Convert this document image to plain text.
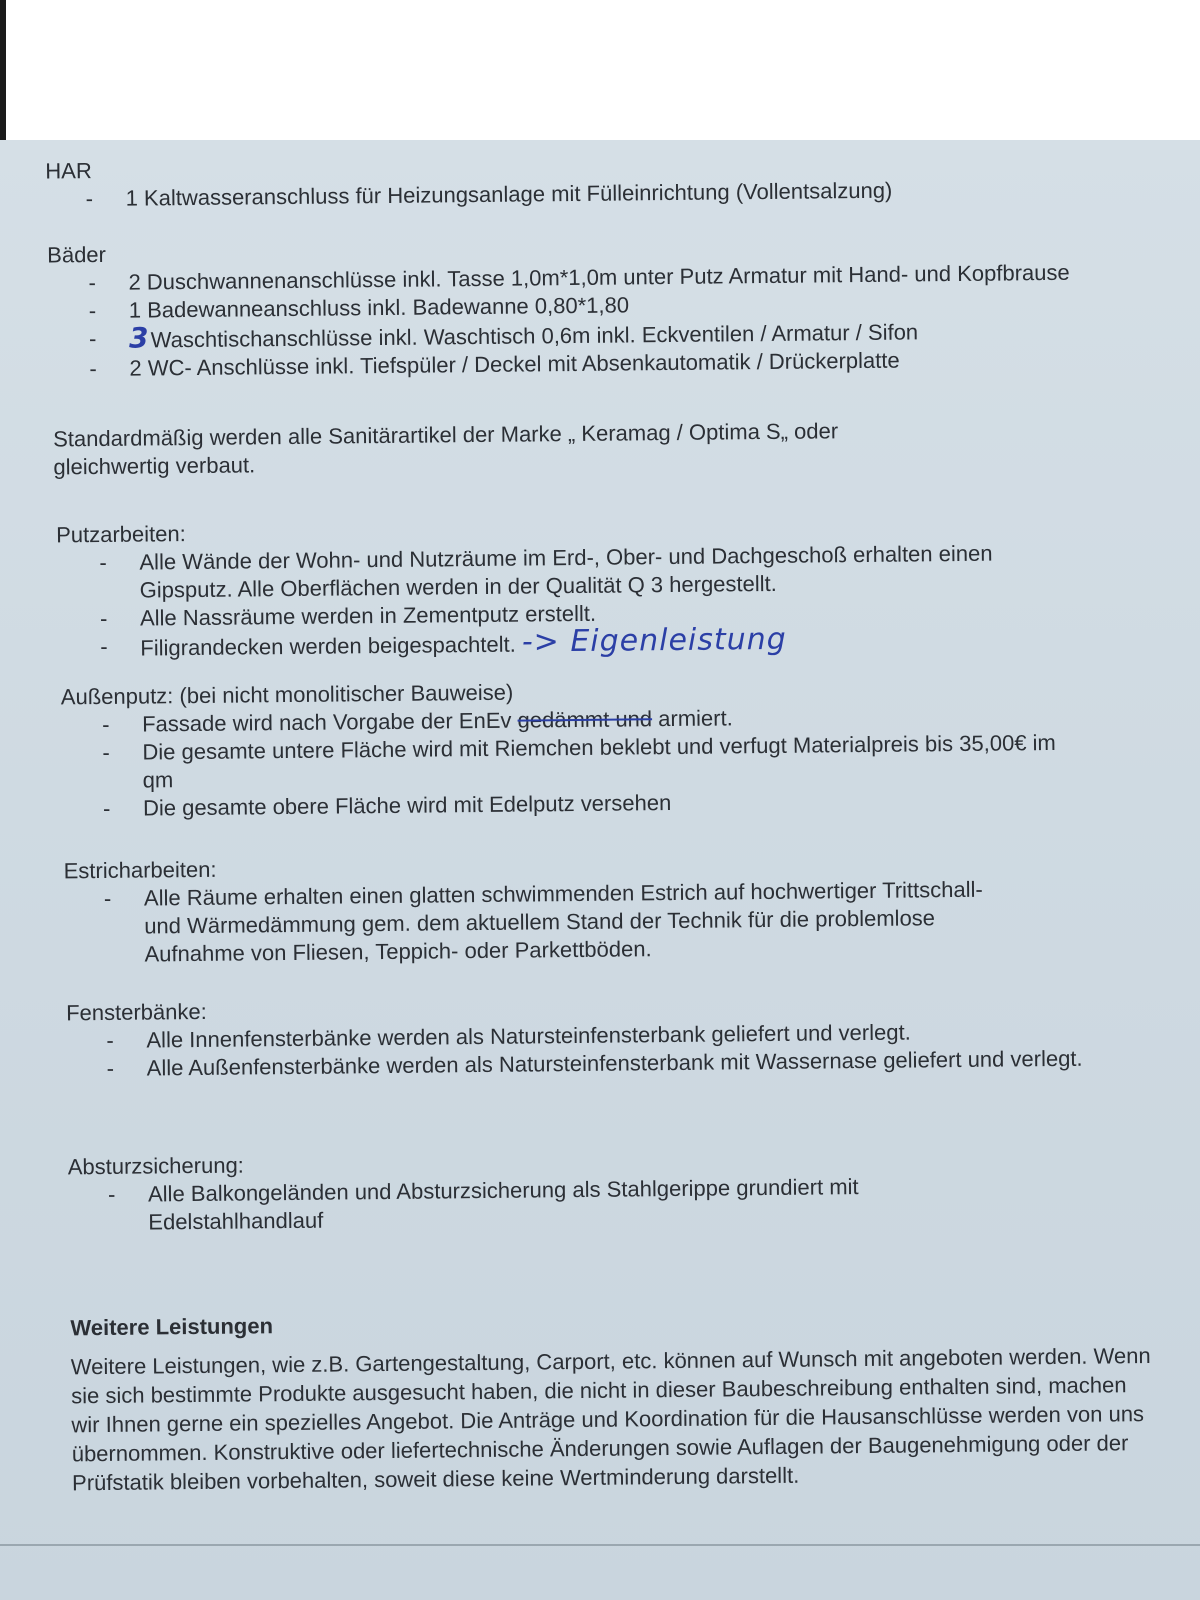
HAR
- 1 Kaltwasseranschluss für Heizungsanlage mit Fülleinrichtung (Vollentsalzung)
Bäder
- 2 Duschwannenanschlüsse inkl. Tasse 1,0m*1,0m unter Putz Armatur mit Hand- und Kopfbrause
- 1 Badewanneanschluss inkl. Badewanne 0,80*1,80
- 3 Waschtischanschlüsse inkl. Waschtisch 0,6m inkl. Eckventilen / Armatur / Sifon
- 2 WC- Anschlüsse inkl. Tiefspüler / Deckel mit Absenkautomatik / Drückerplatte
Standardmäßig werden alle Sanitärartikel der Marke „ Keramag / Optima S„ oder gleichwertig verbaut.
Putzarbeiten:
- Alle Wände der Wohn- und Nutzräume im Erd-, Ober- und Dachgeschoß erhalten einen Gipsputz. Alle Oberflächen werden in der Qualität Q 3 hergestellt.
- Alle Nassräume werden in Zementputz erstellt.
- Filigrandecken werden beigespachtelt. -> Eigenleistung
Außenputz: (bei nicht monolitischer Bauweise)
- Fassade wird nach Vorgabe der EnEv gedämmt und armiert.
- Die gesamte untere Fläche wird mit Riemchen beklebt und verfugt Materialpreis bis 35,00€ im qm
- Die gesamte obere Fläche wird mit Edelputz versehen
Estricharbeiten:
- Alle Räume erhalten einen glatten schwimmenden Estrich auf hochwertiger Trittschall- und Wärmedämmung gem. dem aktuellem Stand der Technik für die problemlose Aufnahme von Fliesen, Teppich- oder Parkettböden.
Fensterbänke:
- Alle Innenfensterbänke werden als Natursteinfensterbank geliefert und verlegt.
- Alle Außenfensterbänke werden als Natursteinfensterbank mit Wassernase geliefert und verlegt.
Absturzsicherung:
- Alle Balkongeländen und Absturzsicherung als Stahlgerippe grundiert mit Edelstahlhandlauf
Weitere Leistungen
Weitere Leistungen, wie z.B. Gartengestaltung, Carport, etc. können auf Wunsch mit angeboten werden. Wenn sie sich bestimmte Produkte ausgesucht haben, die nicht in dieser Baubeschreibung enthalten sind, machen wir Ihnen gerne ein spezielles Angebot. Die Anträge und Koordination für die Hausanschlüsse werden von uns übernommen. Konstruktive oder liefertechnische Änderungen sowie Auflagen der Baugenehmigung oder der Prüfstatik bleiben vorbehalten, soweit diese keine Wertminderung darstellt.
